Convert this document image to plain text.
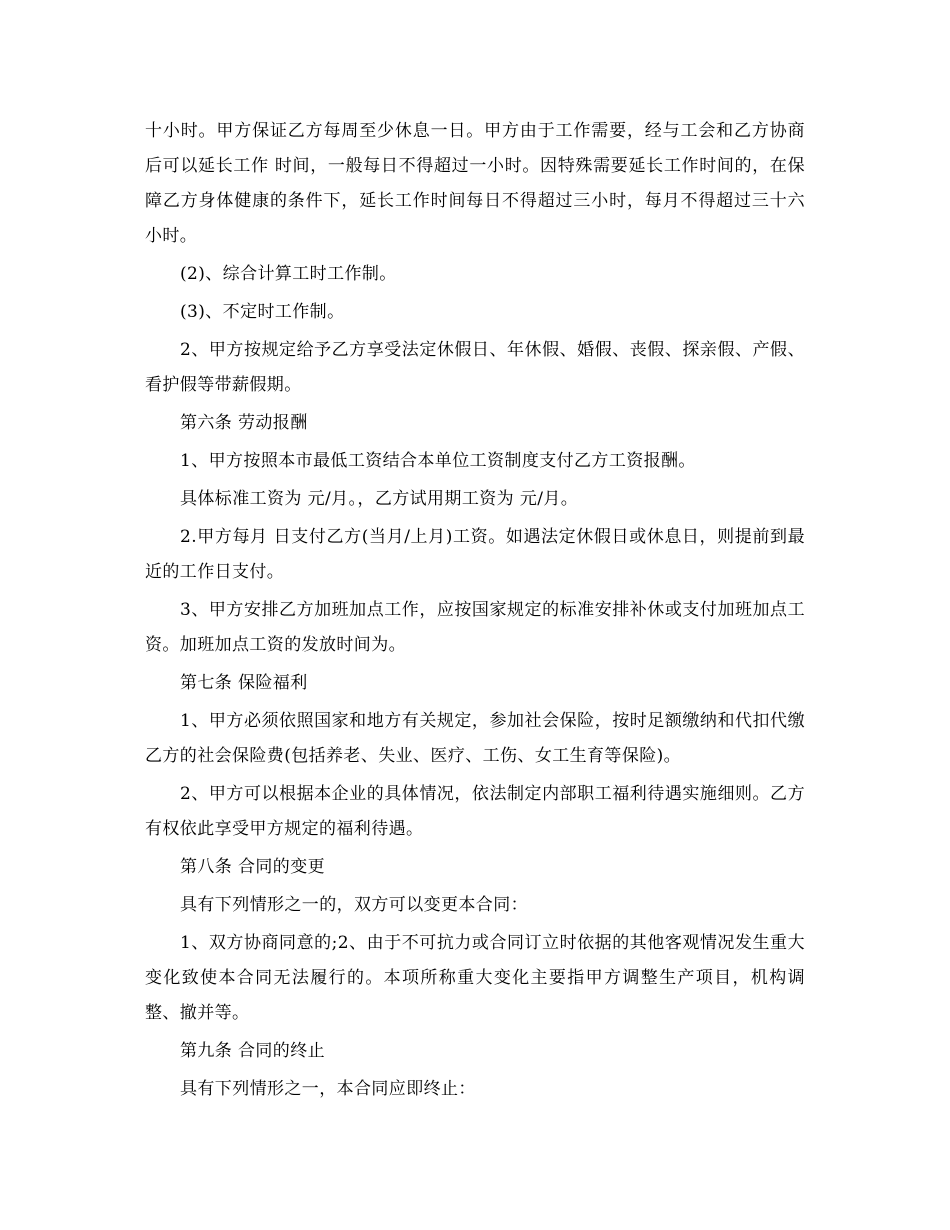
十小时。甲方保证乙方每周至少休息一日。甲方由于工作需要，经与工会和乙方协商后可以延长工作 时间，一般每日不得超过一小时。因特殊需要延长工作时间的，在保障乙方身体健康的条件下，延长工作时间每日不得超过三小时，每月不得超过三十六小时。

(2)、综合计算工时工作制。

(3)、不定时工作制。

2、甲方按规定给予乙方享受法定休假日、年休假、婚假、丧假、探亲假、产假、看护假等带薪假期。

第六条 劳动报酬

1、甲方按照本市最低工资结合本单位工资制度支付乙方工资报酬。

具体标准工资为 元/月。，乙方试用期工资为 元/月。

2.甲方每月 日支付乙方(当月/上月)工资。如遇法定休假日或休息日，则提前到最近的工作日支付。

3、甲方安排乙方加班加点工作，应按国家规定的标准安排补休或支付加班加点工资。加班加点工资的发放时间为。

第七条 保险福利

1、甲方必须依照国家和地方有关规定，参加社会保险，按时足额缴纳和代扣代缴乙方的社会保险费(包括养老、失业、医疗、工伤、女工生育等保险)。

2、甲方可以根据本企业的具体情况，依法制定内部职工福利待遇实施细则。乙方有权依此享受甲方规定的福利待遇。

第八条 合同的变更

具有下列情形之一的，双方可以变更本合同：

1、双方协商同意的;2、由于不可抗力或合同订立时依据的其他客观情况发生重大变化致使本合同无法履行的。本项所称重大变化主要指甲方调整生产项目，机构调整、撤并等。

第九条 合同的终止

具有下列情形之一，本合同应即终止：
